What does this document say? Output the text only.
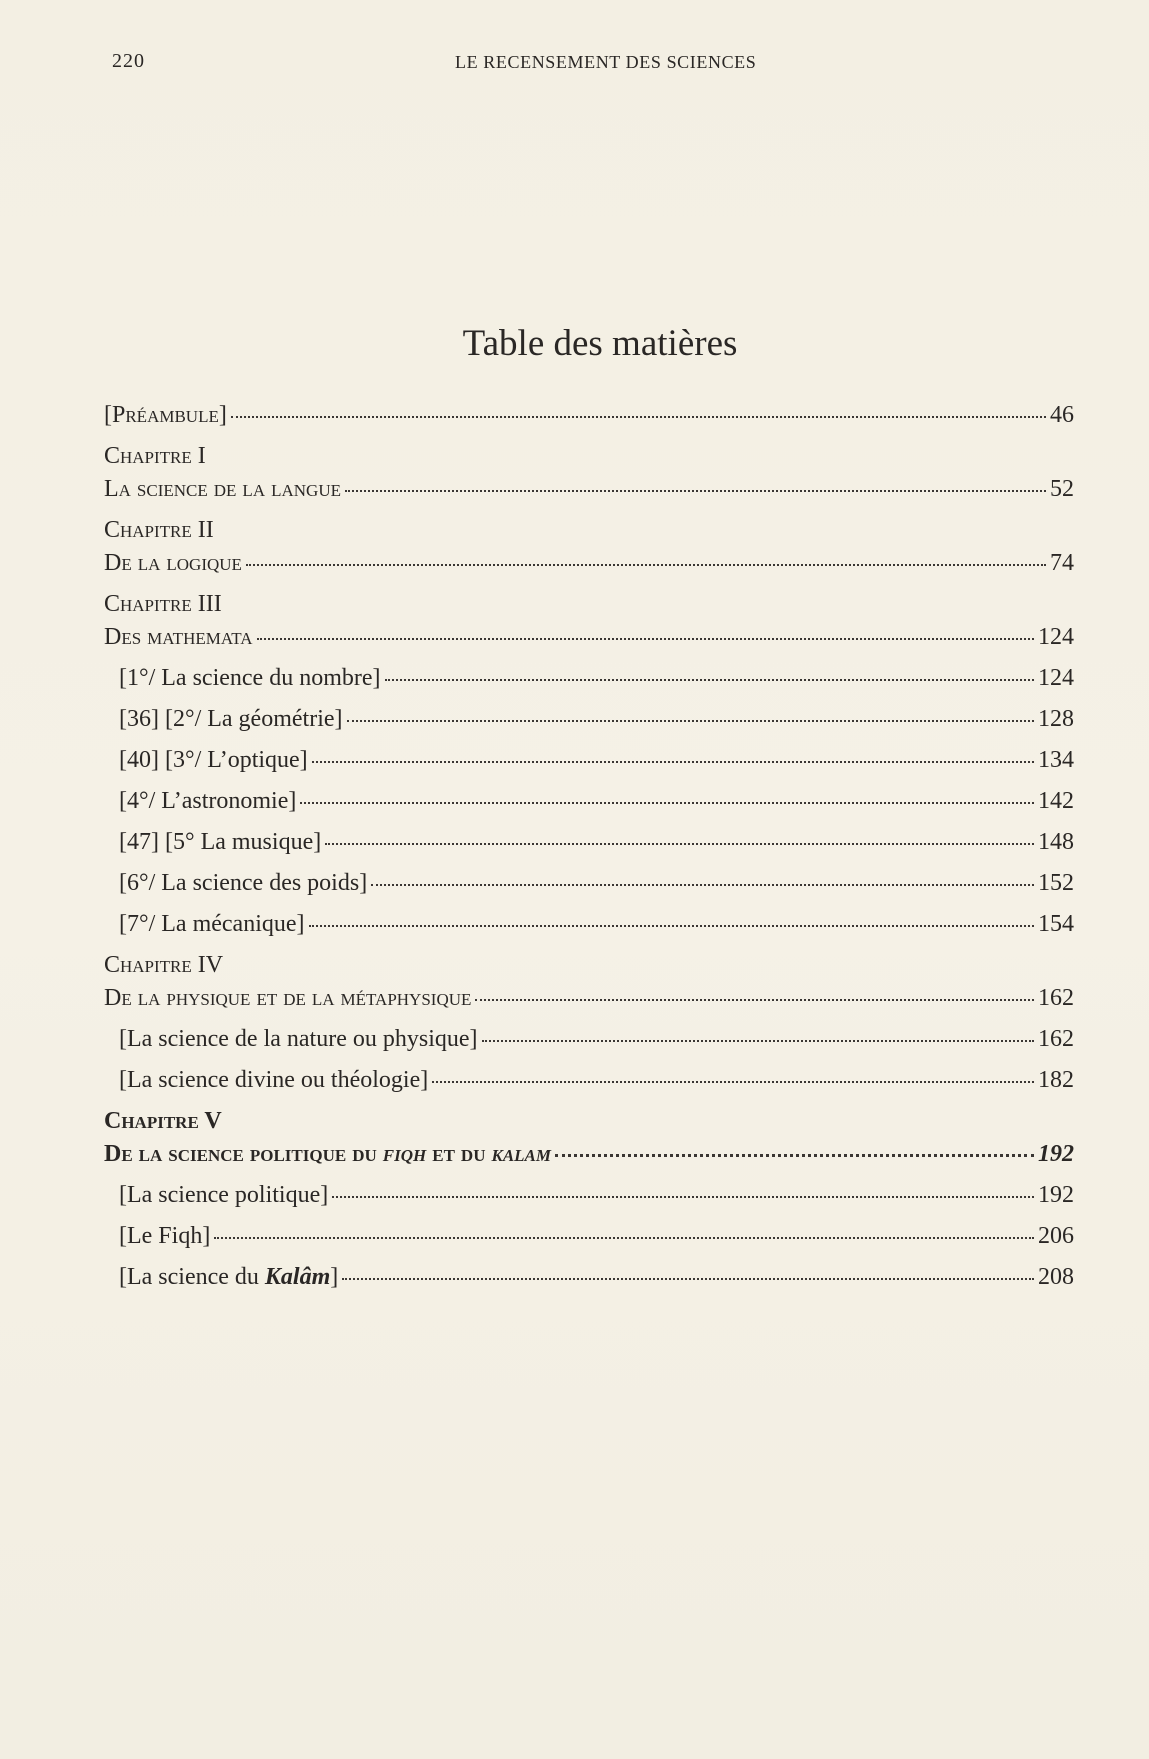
220	LE RECENSEMENT DES SCIENCES
Table des matières
[Préambule]	46
Chapitre I
La science de la langue	52
Chapitre II
De la logique	74
Chapitre III
Des mathemata	124
[1°/ La science du nombre]	124
[36] [2°/ La géométrie]	128
[40] [3°/ L’optique]	134
[4°/ L’astronomie]	142
[47] [5° La musique]	148
[6°/ La science des poids]	152
[7°/ La mécanique]	154
Chapitre IV
De la physique et de la métaphysique	162
[La science de la nature ou physique]	162
[La science divine ou théologie]	182
Chapitre V
De la science politique du fiqh et du kalam	192
[La science politique]	192
[Le Fiqh]	206
[La science du Kalâm]	208
